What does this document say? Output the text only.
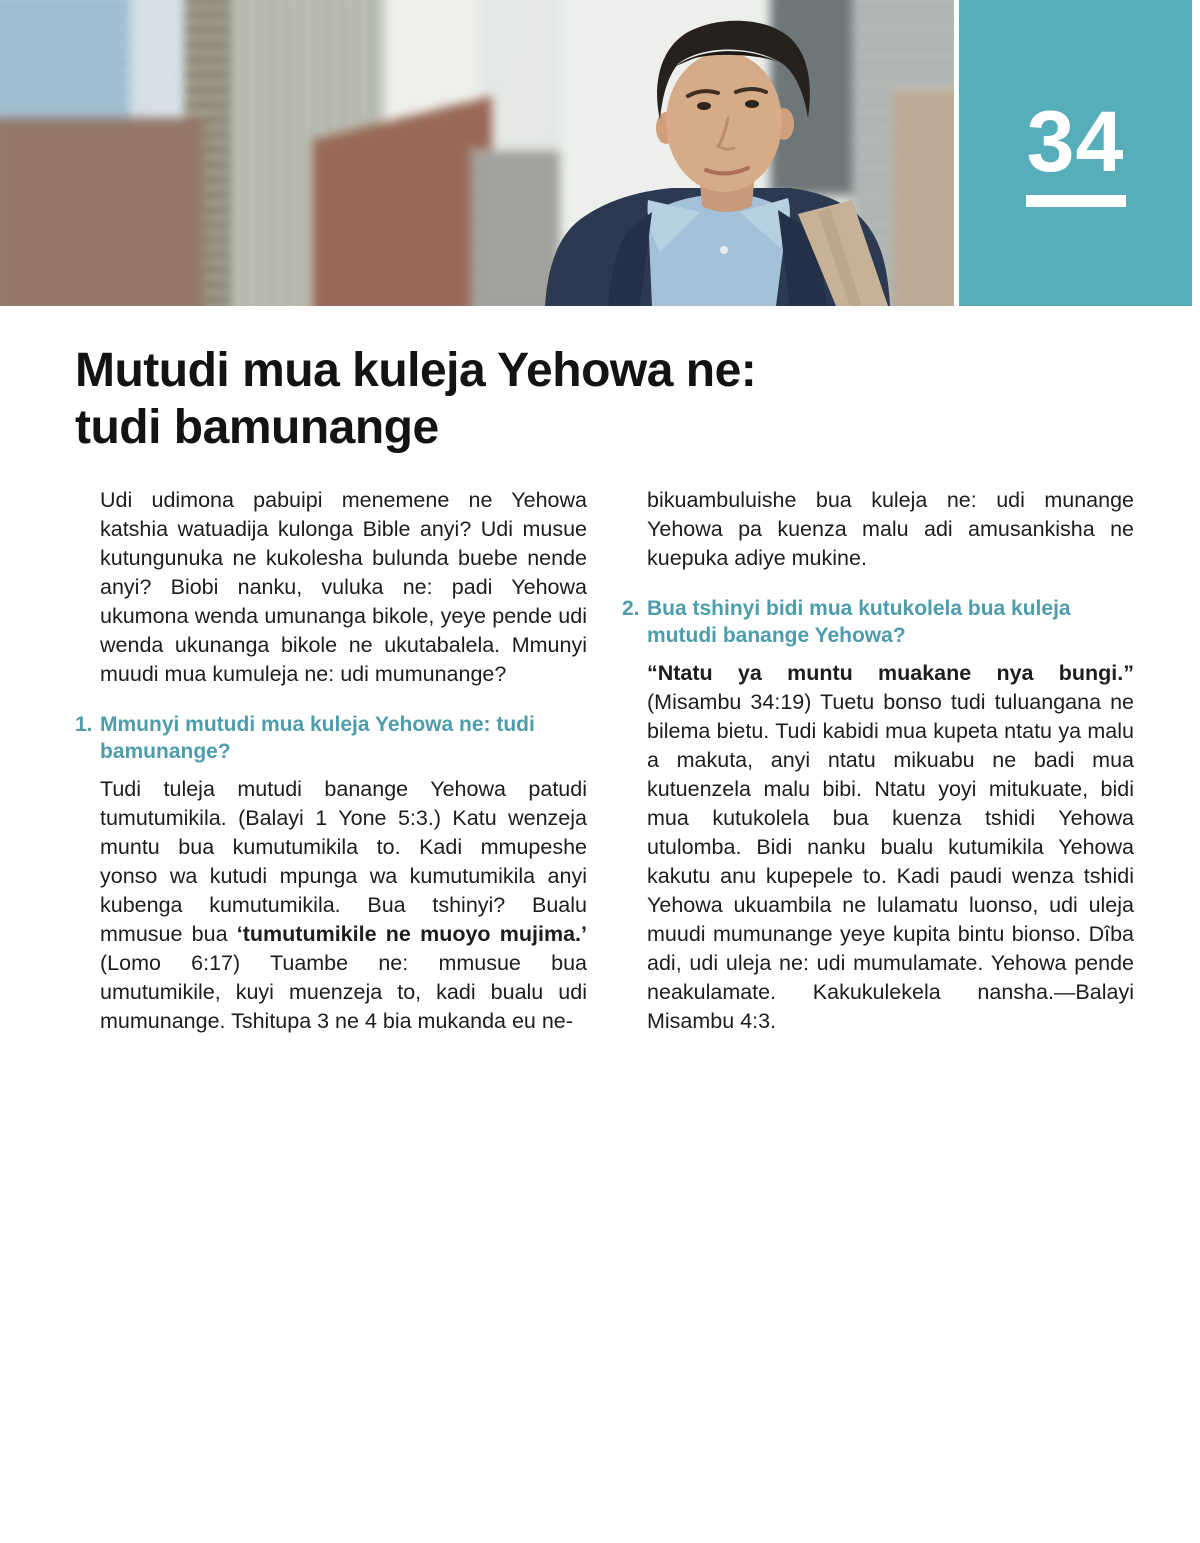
34
Mutudi mua kuleja Yehowa ne:
tudi bamunange

Udi udimona pabuipi menemene ne Yehowa katshia watuadija kulonga Bible anyi? Udi musue kutungunuka ne kukolesha bulunda buebe nende anyi? Biobi nanku, vuluka ne: padi Yehowa ukumona wenda umunanga bikole, yeye pende udi wenda ukunanga bikole ne ukutabalela. Mmunyi muudi mua kumuleja ne: udi mumunange?

1. Mmunyi mutudi mua kuleja Yehowa ne: tudi bamunange?

Tudi tuleja mutudi banange Yehowa patudi tumutumikila. (Balayi 1 Yone 5:3.) Katu wenzeja muntu bua kumutumikila to. Kadi mmupeshe yonso wa kutudi mpunga wa kumutumikila anyi kubenga kumutumikila. Bua tshinyi? Bualu mmusue bua ‘tumutumikile ne muoyo mujima.’ (Lomo 6:17) Tuambe ne: mmusue bua umutumikile, kuyi muenzeja to, kadi bualu udi mumunange. Tshitupa 3 ne 4 bia mukanda eu ne-

bikuambuluishe bua kuleja ne: udi munange Yehowa pa kuenza malu adi amusankisha ne kuepuka adiye mukine.

2. Bua tshinyi bidi mua kutukolela bua kuleja mutudi banange Yehowa?

“Ntatu ya muntu muakane nya bungi.” (Misambu 34:19) Tuetu bonso tudi tuluangana ne bilema bietu. Tudi kabidi mua kupeta ntatu ya malu a makuta, anyi ntatu mikuabu ne badi mua kutuenzela malu bibi. Ntatu yoyi mitukuate, bidi mua kutukolela bua kuenza tshidi Yehowa utulomba. Bidi nanku bualu kutumikila Yehowa kakutu anu kupepele to. Kadi paudi wenza tshidi Yehowa ukuambila ne lulamatu luonso, udi uleja muudi mumunange yeye kupita bintu bionso. Dîba adi, udi uleja ne: udi mumulamate. Yehowa pende neakulamate. Kakukulekela nansha.—Balayi Misambu 4:3.
